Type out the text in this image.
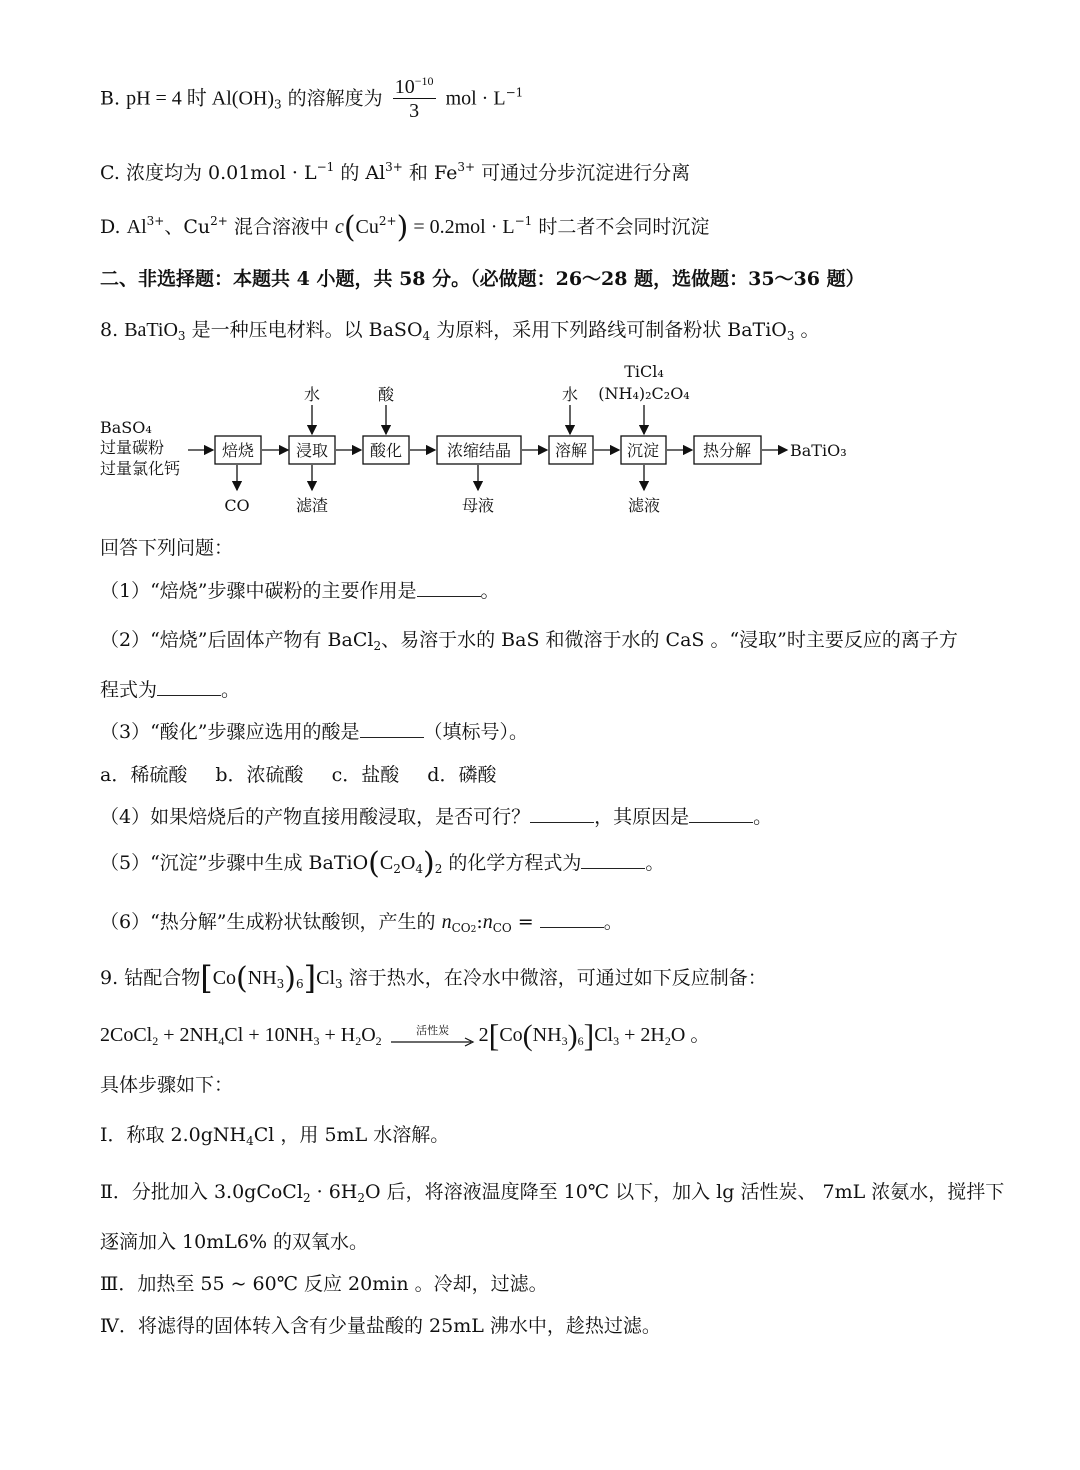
B. pH = 4 时 $Al(OH)_3$ 的溶解度为 $\frac{10^{-10}}{3}$ mol · $L^{-1}$
C. 浓度均为 $0.01mol \cdot L^{-1}$ 的 $Al^{3+}$ 和 $Fe^{3+}$ 可通过分步沉淀进行分离
D. $Al^{3+}$、$Cu^{2+}$ 混合溶液中 $c(Cu^{2+}) = 0.2mol \cdot L^{-1}$ 时二者不会同时沉淀
二、非选择题：本题共 4 小题，共 58 分。（必做题：26～28 题，选做题：35～36 题）
8. BaTiO$_3$ 是一种压电材料。以 BaSO$_4$ 为原料，采用下列路线可制备粉状 BaTiO$_3$ 。
BaSO₄
过量碳粉
过量氯化钙
焙烧	浸取	酸化	浓缩结晶	溶解 沉淀	热分解
水	酸	水
TiCl₄
(NH₄)₂C₂O₄
CO	滤渣	母液	滤液
BaTiO₃
回答下列问题：
（1）“焙烧”步骤中碳粉的主要作用是	。
（2）“焙烧”后固体产物有 BaCl$_2$、易溶于水的 BaS 和微溶于水的 CaS 。“浸取”时主要反应的离子方
程式为	。
（3）“酸化”步骤应选用的酸是	（填标号）。
a．稀硫酸 b．浓硫酸 c．盐酸 d．磷酸
（4）如果焙烧后的产物直接用酸浸取，是否可行？	，其原因是	。
（5）“沉淀”步骤中生成 $BaTiO(C_2O_4)_2$ 的化学方程式为	。
（6）“热分解”生成粉状钛酸钡，产生的 $n_{CO2}:n_{CO}$ =	。
9. 钴配合物$[Co(NH_3)_6]Cl_3$ 溶于热水，在冷水中微溶，可通过如下反应制备：
2CoCl$_2$ + $2NH_4Cl + 10NH_3 + H_2O_2$
活性炭 $2[Co(NH_3)_6]Cl_3 + 2H_2O$ 。
具体步骤如下：
Ⅰ．称取 2.0gNH$_4$Cl ，用 5mL 水溶解。
Ⅱ．分批加入 3.0gCoCl$_2$ · $6H_2O$ 后，将溶液温度降至 10℃ 以下，加入 lg 活性炭、 7mL 浓氨水，搅拌下
逐滴加入 10mL6% 的双氧水。
Ⅲ．加热至 55 ~ 60℃ 反应 20min 。冷却，过滤。
Ⅳ．将滤得的固体转入含有少量盐酸的 25mL 沸水中，趁热过滤。
